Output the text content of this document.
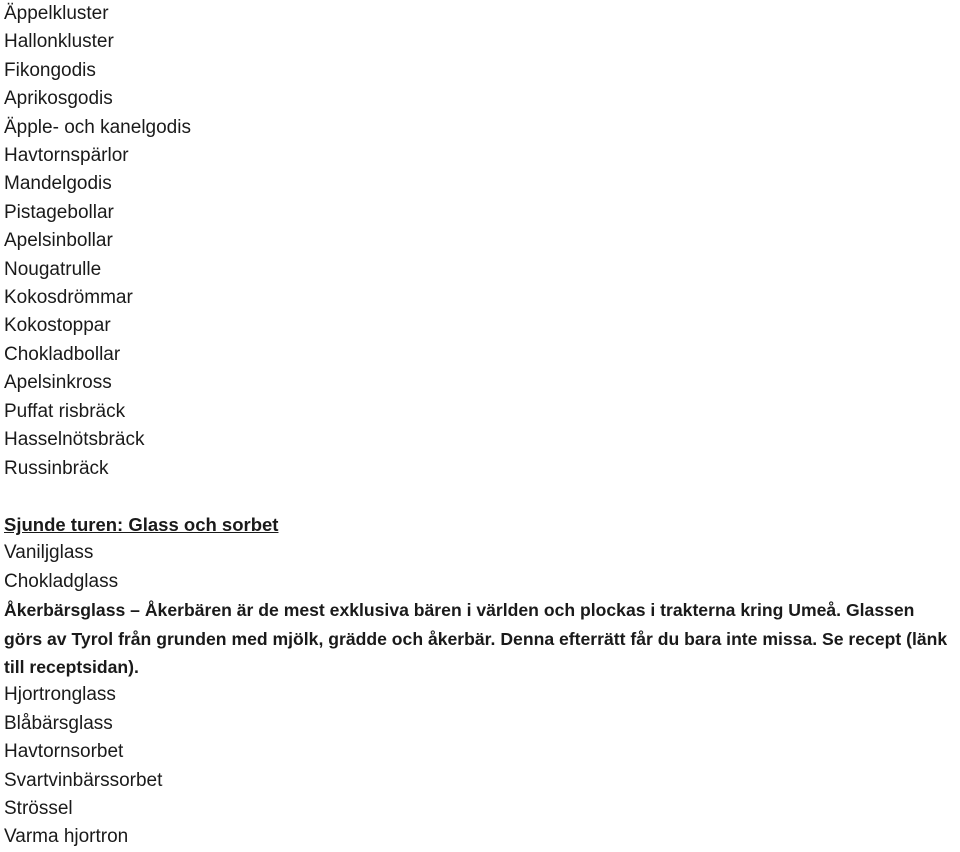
Äppelkluster

Hallonkluster

Fikongodis

Aprikosgodis

Äpple- och kanelgodis

Havtornspärlor

Mandelgodis

Pistagebollar

Apelsinbollar

Nougatrulle

Kokosdrömmar

Kokostoppar

Chokladbollar

Apelsinkross

Puffat risbräck

Hasselnötsbräck

Russinbräck

Sjunde turen: Glass och sorbet

Vaniljglass

Chokladglass

Åkerbärsglass – Åkerbären är de mest exklusiva bären i världen och plockas i trakterna kring Umeå. Glassen görs av Tyrol från grunden med mjölk, grädde och åkerbär. Denna efterrätt får du bara inte missa. Se recept (länk till receptsidan).

Hjortronglass

Blåbärsglass

Havtornsorbet

Svartvinbärssorbet

Strössel

Varma hjortron
